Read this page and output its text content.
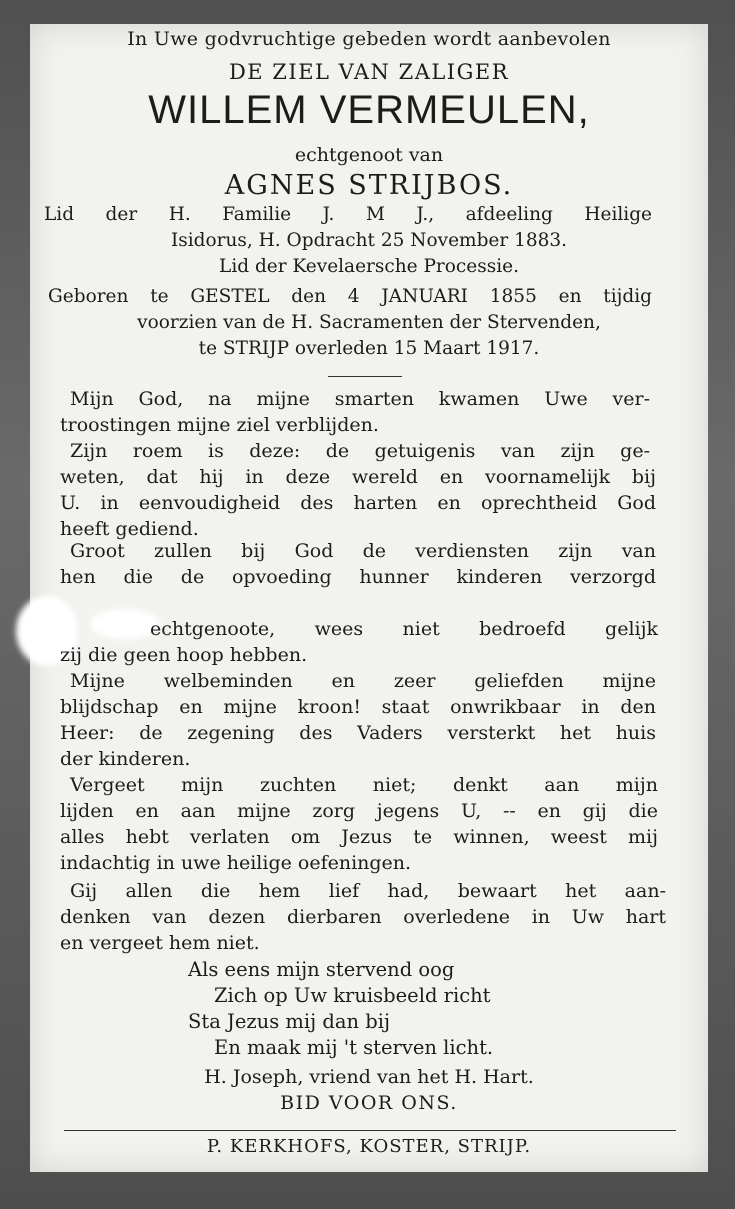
In Uwe godvruchtige gebeden wordt aanbevolen
DE ZIEL VAN ZALIGER
WILLEM VERMEULEN,
echtgenoot van
AGNES STRIJBOS.
Lid der H. Familie J. M J., afdeeling Heilige
Isidorus, H. Opdracht 25 November 1883.
Lid der Kevelaersche Processie.
Geboren te GESTEL den 4 JANUARI 1855 en tijdig
voorzien van de H. Sacramenten der Stervenden,
te STRIJP overleden 15 Maart 1917.
Mijn God, na mijne smarten kwamen Uwe ver-
troostingen mijne ziel verblijden.
Zijn roem is deze: de getuigenis van zijn ge-
weten, dat hij in deze wereld en voornamelijk bij
U. in eenvoudigheid des harten en oprechtheid God
heeft gediend.
Groot zullen bij God de verdiensten zijn van
hen die de opvoeding hunner kinderen verzorgd
echtgenoote, wees niet bedroefd gelijk
zij die geen hoop hebben.
Mijne welbeminden en zeer geliefden mijne
blijdschap en mijne kroon! staat onwrikbaar in den
Heer: de zegening des Vaders versterkt het huis
der kinderen.
Vergeet mijn zuchten niet; denkt aan mijn
lijden en aan mijne zorg jegens U, -- en gij die
alles hebt verlaten om Jezus te winnen, weest mij
indachtig in uwe heilige oefeningen.
Gij allen die hem lief had, bewaart het aan-
denken van dezen dierbaren overledene in Uw hart
en vergeet hem niet.
Als eens mijn stervend oog
Zich op Uw kruisbeeld richt
Sta Jezus mij dan bij
En maak mij 't sterven licht.
H. Joseph, vriend van het H. Hart.
BID VOOR ONS.
P. KERKHOFS, KOSTER, STRIJP.
